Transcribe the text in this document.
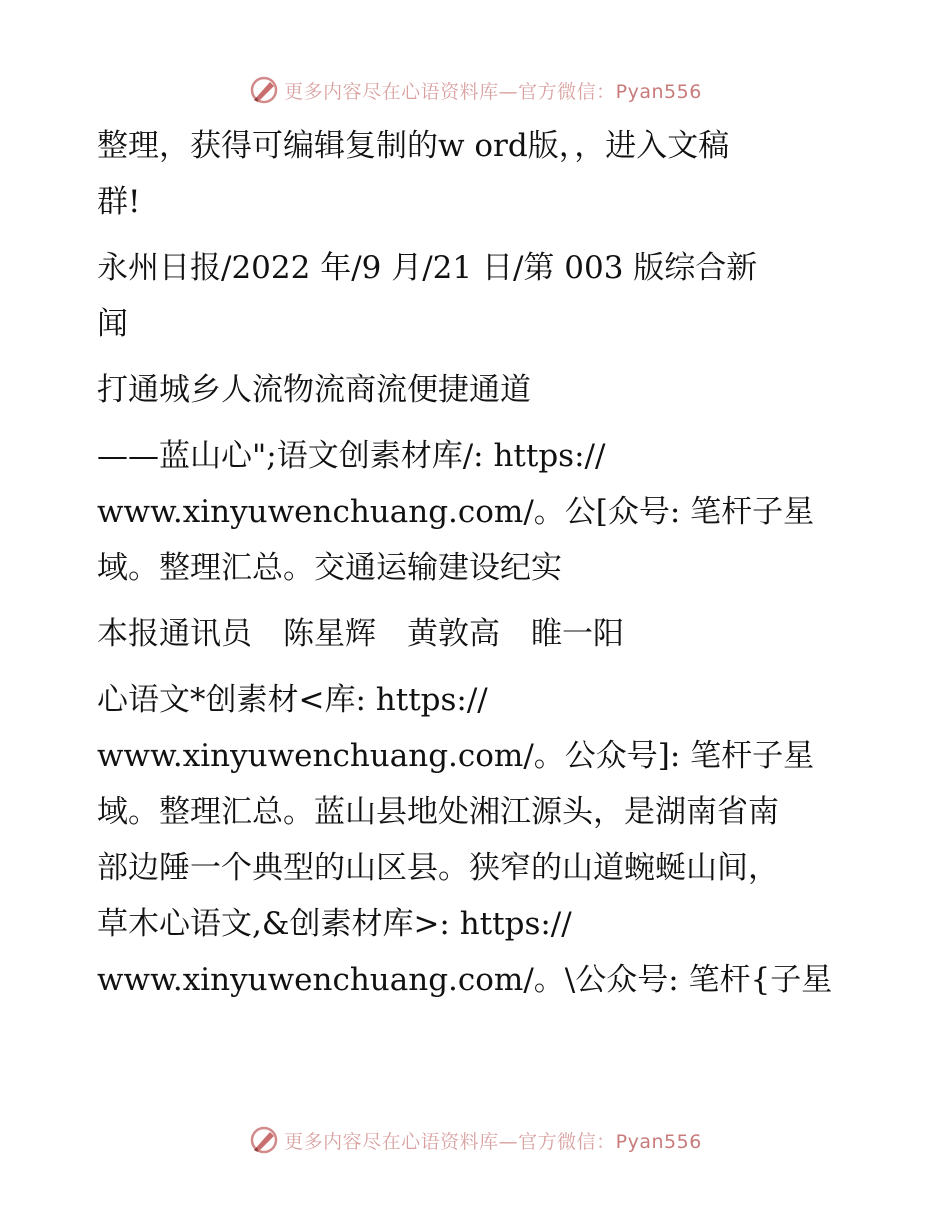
更多内容尽在心语资料库—官方微信：Pyan556
整理，获得可编辑复制的w ord版，，进入文稿
群!
永州日报/2022 年/9 月/21 日/第 003 版综合新
闻
打通城乡人流物流商流便捷通道
——蓝山心";语文创素材库/: https://
www.xinyuwenchuang.com/。公[众号: 笔杆子星
域。整理汇总。交通运输建设纪实
本报通讯员　陈星辉　黄敦高　睢一阳
心语文*创素材<库: https://
www.xinyuwenchuang.com/。公众号]: 笔杆子星
域。整理汇总。蓝山县地处湘江源头，是湖南省南
部边陲一个典型的山区县。狭窄的山道蜿蜒山间，
草木心语文,&创素材库>: https://
www.xinyuwenchuang.com/。\公众号: 笔杆{子星
更多内容尽在心语资料库—官方微信：Pyan556
